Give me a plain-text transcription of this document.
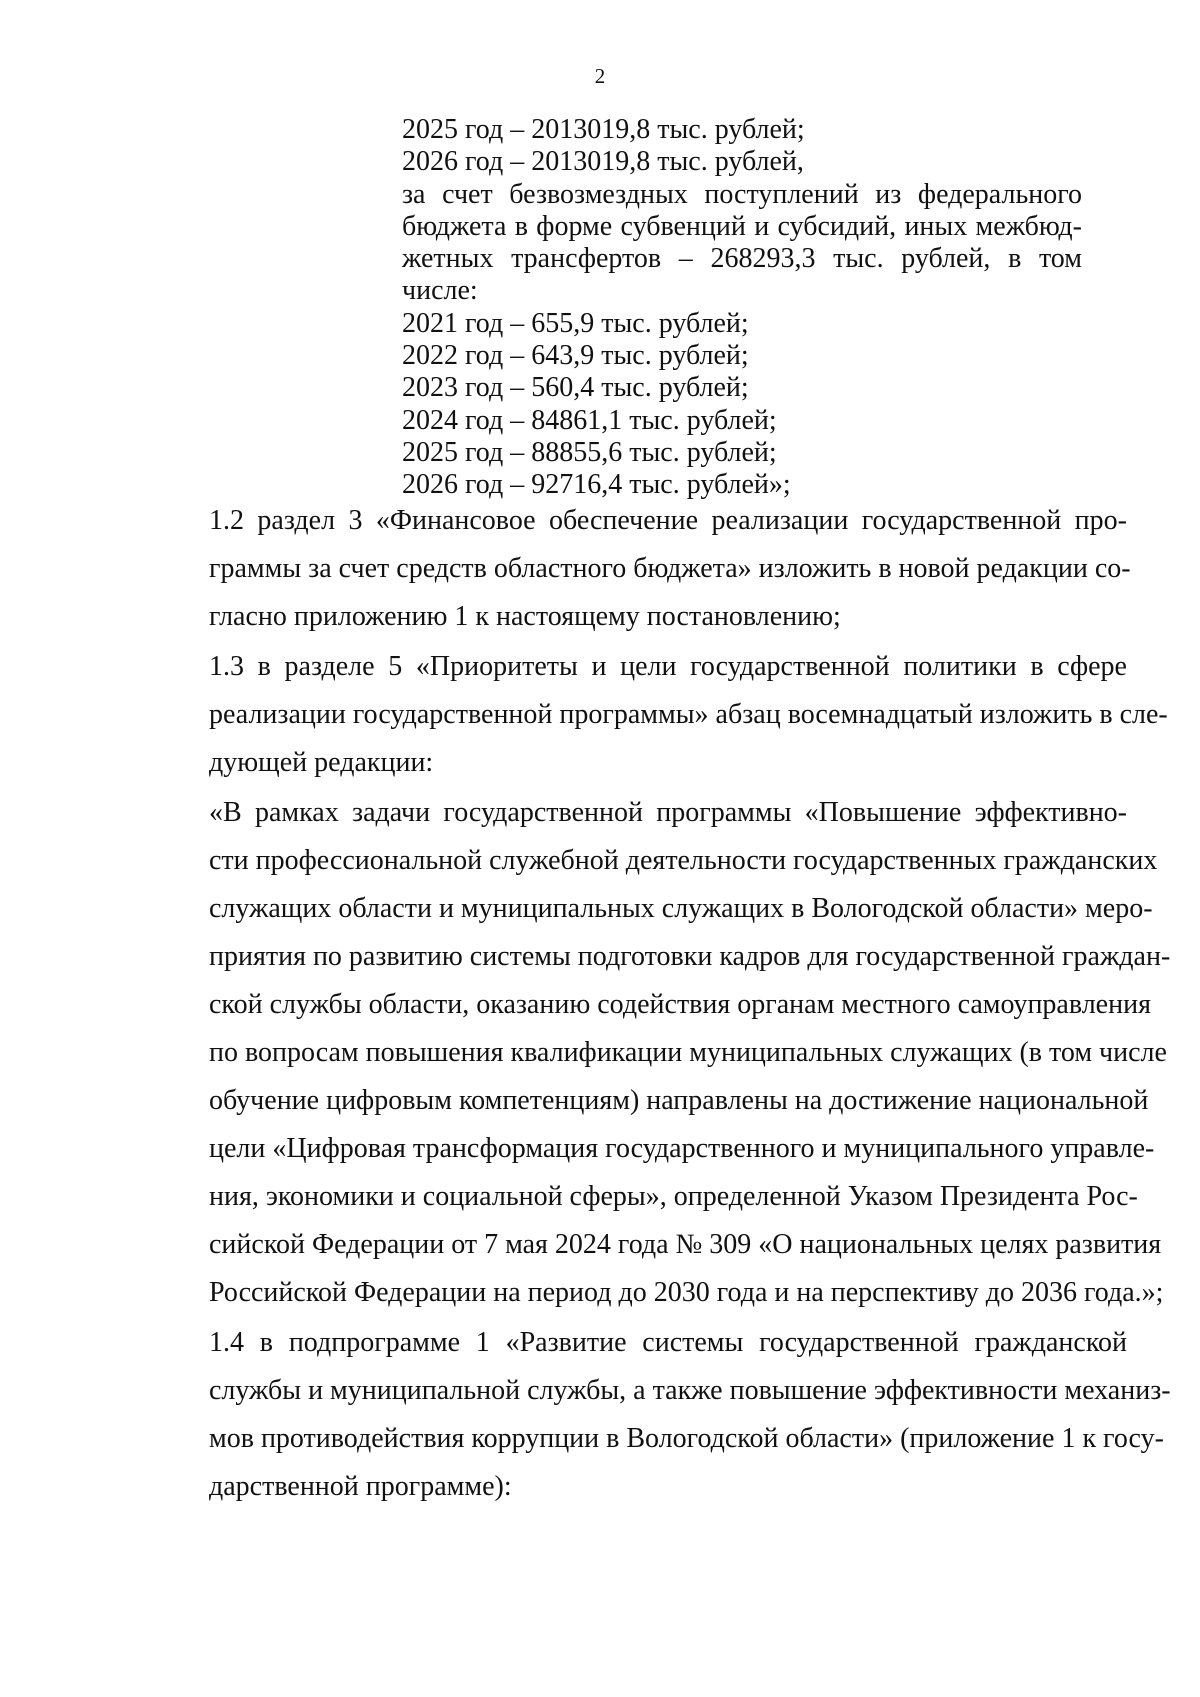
2
2025 год – 2013019,8 тыс. рублей;
2026 год – 2013019,8 тыс. рублей,
за счет безвозмездных поступлений из федерального
бюджета в форме субвенций и субсидий, иных межбюд-
жетных трансфертов – 268293,3 тыс. рублей, в том числе:
2021 год – 655,9 тыс. рублей;
2022 год – 643,9 тыс. рублей;
2023 год – 560,4 тыс. рублей;
2024 год – 84861,1 тыс. рублей;
2025 год – 88855,6 тыс. рублей;
2026 год – 92716,4 тыс. рублей»;
1.2 раздел 3 «Финансовое обеспечение реализации государственной про-
граммы за счет средств областного бюджета» изложить в новой редакции со-
гласно приложению 1 к настоящему постановлению;
1.3 в разделе 5 «Приоритеты и цели государственной политики в сфере
реализации государственной программы» абзац восемнадцатый изложить в сле-
дующей редакции:
«В рамках задачи государственной программы «Повышение эффективно-
сти профессиональной служебной деятельности государственных гражданских
служащих области и муниципальных служащих в Вологодской области» меро-
приятия по развитию системы подготовки кадров для государственной граждан-
ской службы области, оказанию содействия органам местного самоуправления
по вопросам повышения квалификации муниципальных служащих (в том числе
обучение цифровым компетенциям) направлены на достижение национальной
цели «Цифровая трансформация государственного и муниципального управле-
ния, экономики и социальной сферы», определенной Указом Президента Рос-
сийской Федерации от 7 мая 2024 года № 309 «О национальных целях развития
Российской Федерации на период до 2030 года и на перспективу до 2036 года.»;
1.4 в подпрограмме 1 «Развитие системы государственной гражданской
службы и муниципальной службы, а также повышение эффективности механиз-
мов противодействия коррупции в Вологодской области» (приложение 1 к госу-
дарственной программе):
